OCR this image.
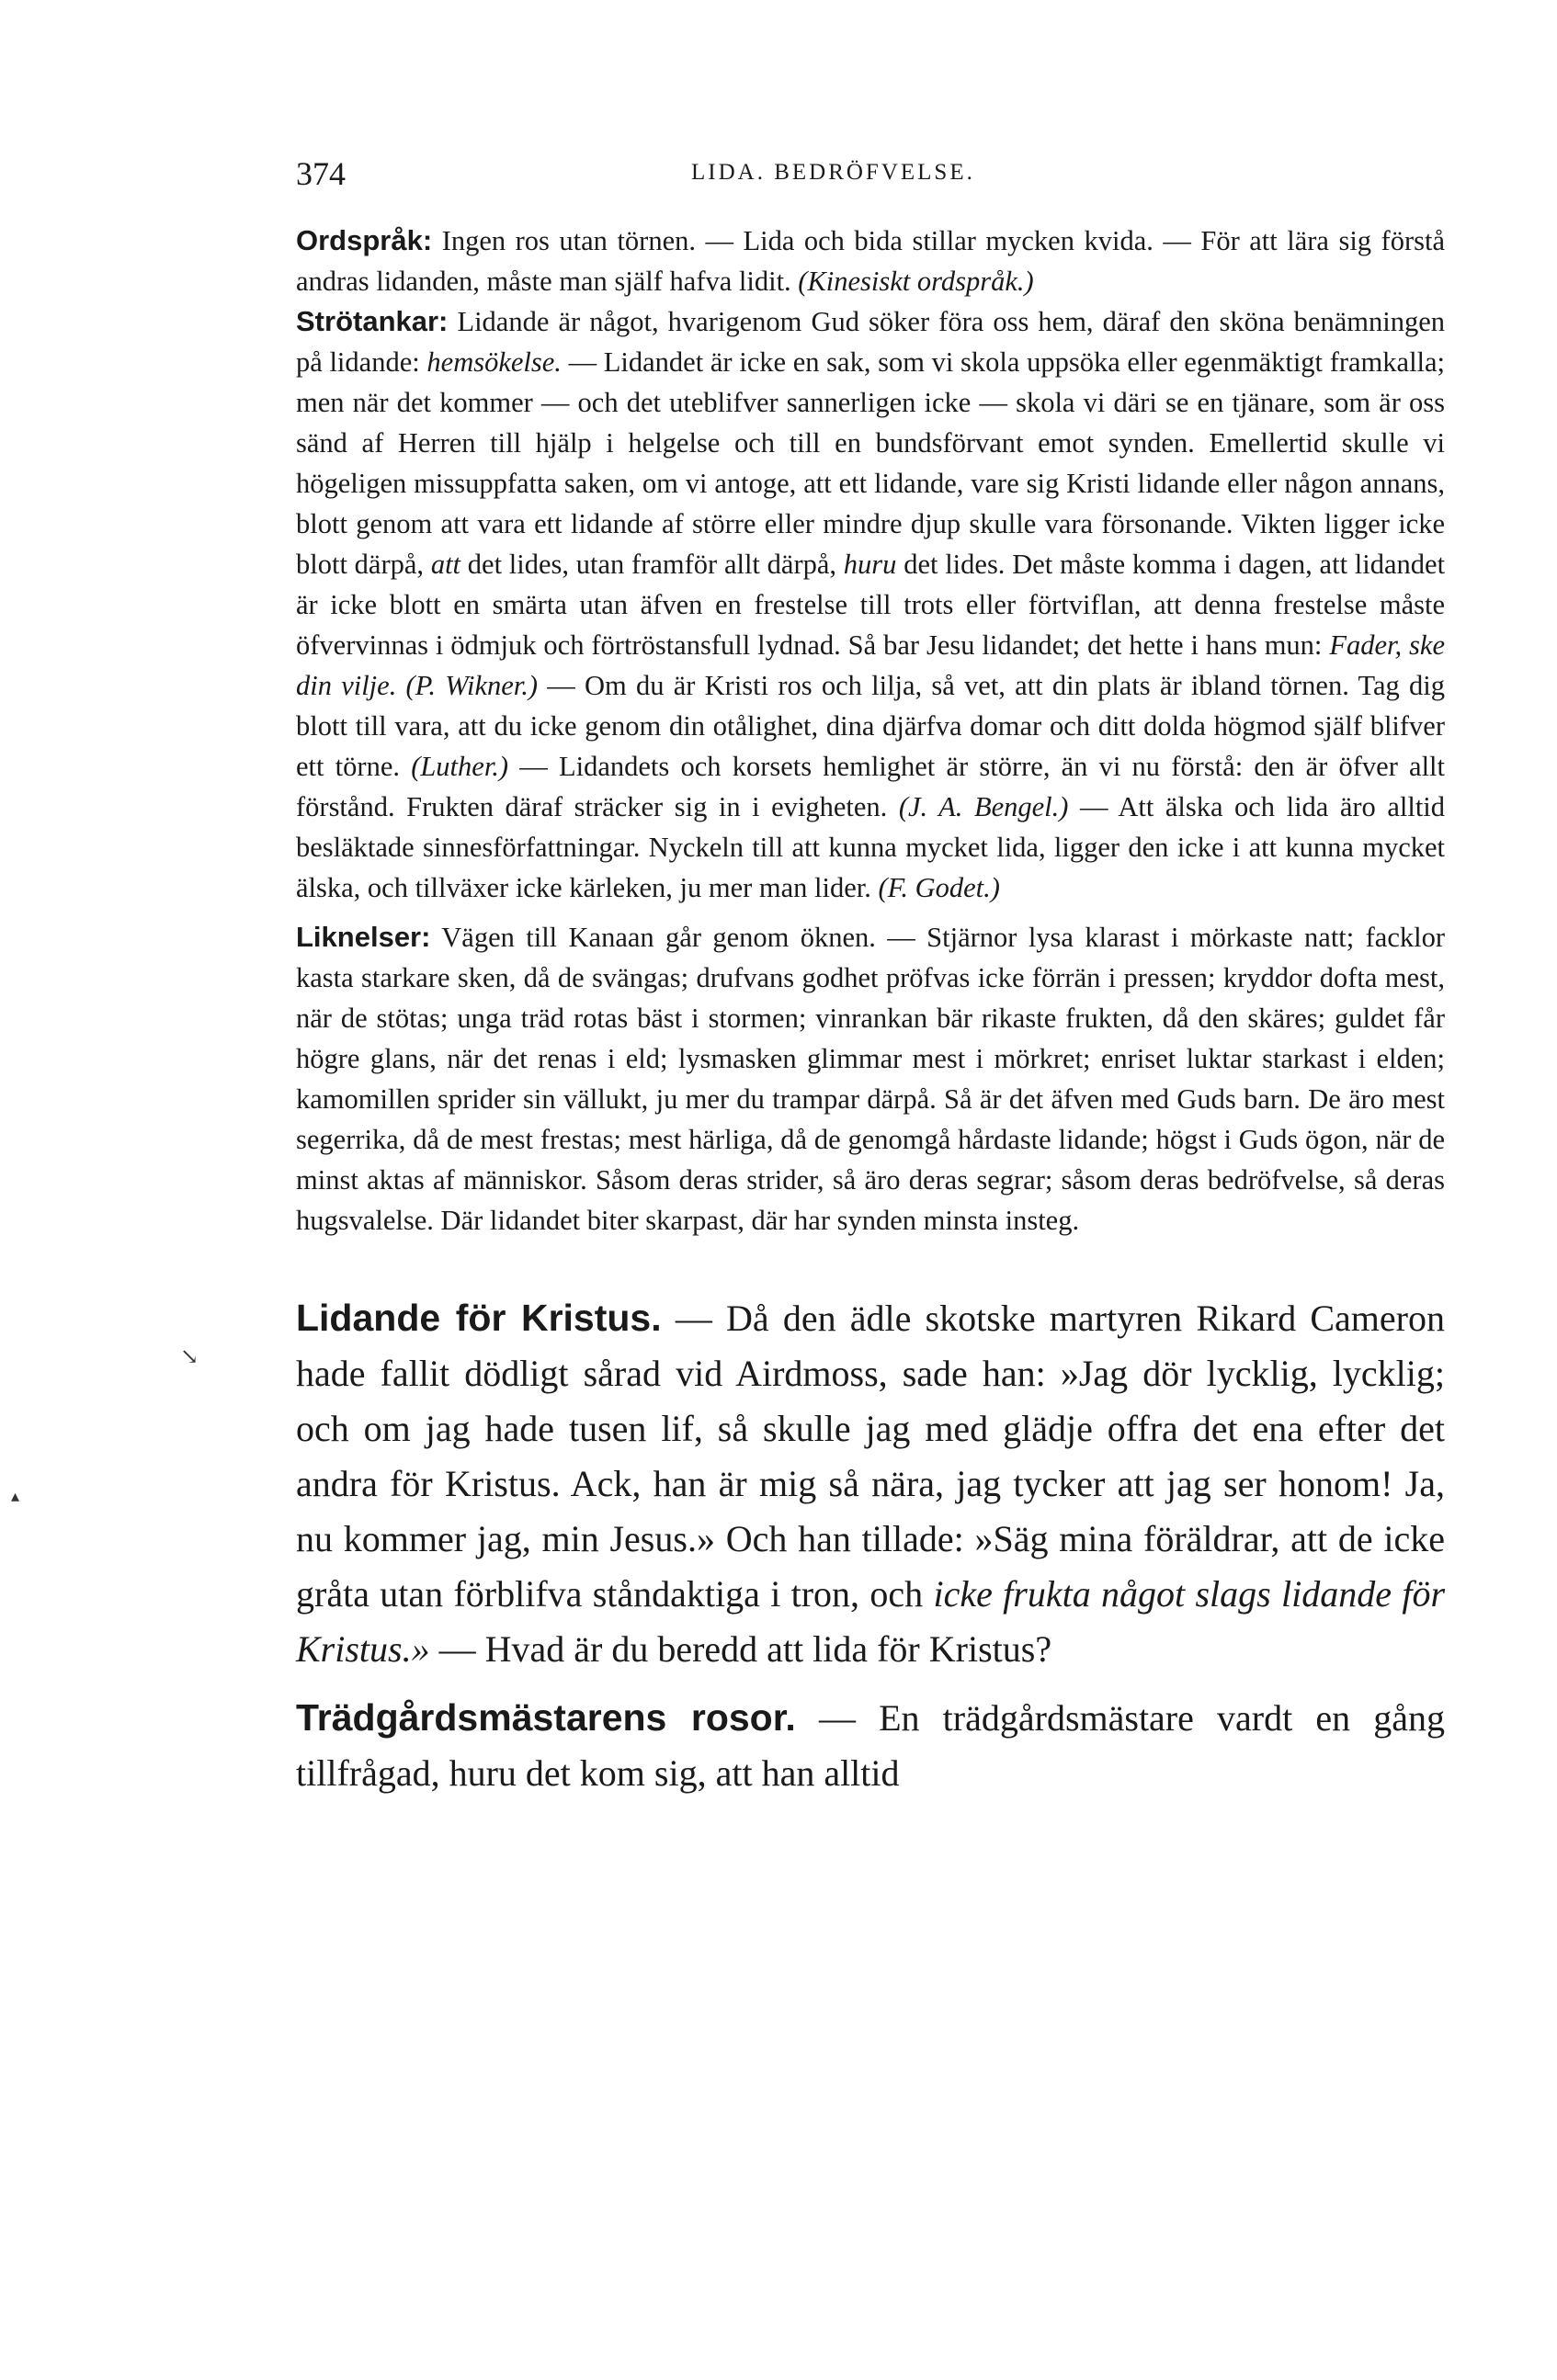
374	LIDA. BEDRÖFVELSE.
↘
▴

Ordspråk: Ingen ros utan törnen. — Lida och bida stillar mycken kvida. — För att lära sig förstå andras lidanden, måste man själf hafva lidit. (Kinesiskt ordspråk.)

Strötankar: Lidande är något, hvarigenom Gud söker föra oss hem, däraf den sköna benämningen på lidande: hemsökelse. — Lidandet är icke en sak, som vi skola uppsöka eller egenmäktigt framkalla; men när det kommer — och det uteblifver sannerligen icke — skola vi däri se en tjänare, som är oss sänd af Herren till hjälp i helgelse och till en bundsförvant emot synden. Emellertid skulle vi högeligen missuppfatta saken, om vi antoge, att ett lidande, vare sig Kristi lidande eller någon annans, blott genom att vara ett lidande af större eller mindre djup skulle vara försonande. Vikten ligger icke blott därpå, att det lides, utan framför allt därpå, huru det lides. Det måste komma i dagen, att lidandet är icke blott en smärta utan äfven en frestelse till trots eller förtviflan, att denna frestelse måste öfvervinnas i ödmjuk och förtröstansfull lydnad. Så bar Jesu lidandet; det hette i hans mun: Fader, ske din vilje. (P. Wikner.) — Om du är Kristi ros och lilja, så vet, att din plats är ibland törnen. Tag dig blott till vara, att du icke genom din otålighet, dina djärfva domar och ditt dolda högmod själf blifver ett törne. (Luther.) — Lidandets och korsets hemlighet är större, än vi nu förstå: den är öfver allt förstånd. Frukten däraf sträcker sig in i evigheten. (J. A. Bengel.) — Att älska och lida äro alltid besläktade sinnesförfattningar. Nyckeln till att kunna mycket lida, ligger den icke i att kunna mycket älska, och tillväxer icke kärleken, ju mer man lider. (F. Godet.)

Liknelser: Vägen till Kanaan går genom öknen. — Stjärnor lysa klarast i mörkaste natt; facklor kasta starkare sken, då de svängas; drufvans godhet pröfvas icke förrän i pressen; kryddor dofta mest, när de stötas; unga träd rotas bäst i stormen; vinrankan bär rikaste frukten, då den skäres; guldet får högre glans, när det renas i eld; lysmasken glimmar mest i mörkret; enriset luktar starkast i elden; kamomillen sprider sin vällukt, ju mer du trampar därpå. Så är det äfven med Guds barn. De äro mest segerrika, då de mest frestas; mest härliga, då de genomgå hårdaste lidande; högst i Guds ögon, när de minst aktas af människor. Såsom deras strider, så äro deras segrar; såsom deras bedröfvelse, så deras hugsvalelse. Där lidandet biter skarpast, där har synden minsta insteg.

Lidande för Kristus. — Då den ädle skotske martyren Rikard Cameron hade fallit dödligt sårad vid Airdmoss, sade han: »Jag dör lycklig, lycklig; och om jag hade tusen lif, så skulle jag med glädje offra det ena efter det andra för Kristus. Ack, han är mig så nära, jag tycker att jag ser honom! Ja, nu kommer jag, min Jesus.» Och han tillade: »Säg mina föräldrar, att de icke gråta utan förblifva ståndaktiga i tron, och icke frukta något slags lidande för Kristus.» — Hvad är du beredd att lida för Kristus?

Trädgårdsmästarens rosor. — En trädgårdsmästare vardt en gång tillfrågad, huru det kom sig, att han alltid
